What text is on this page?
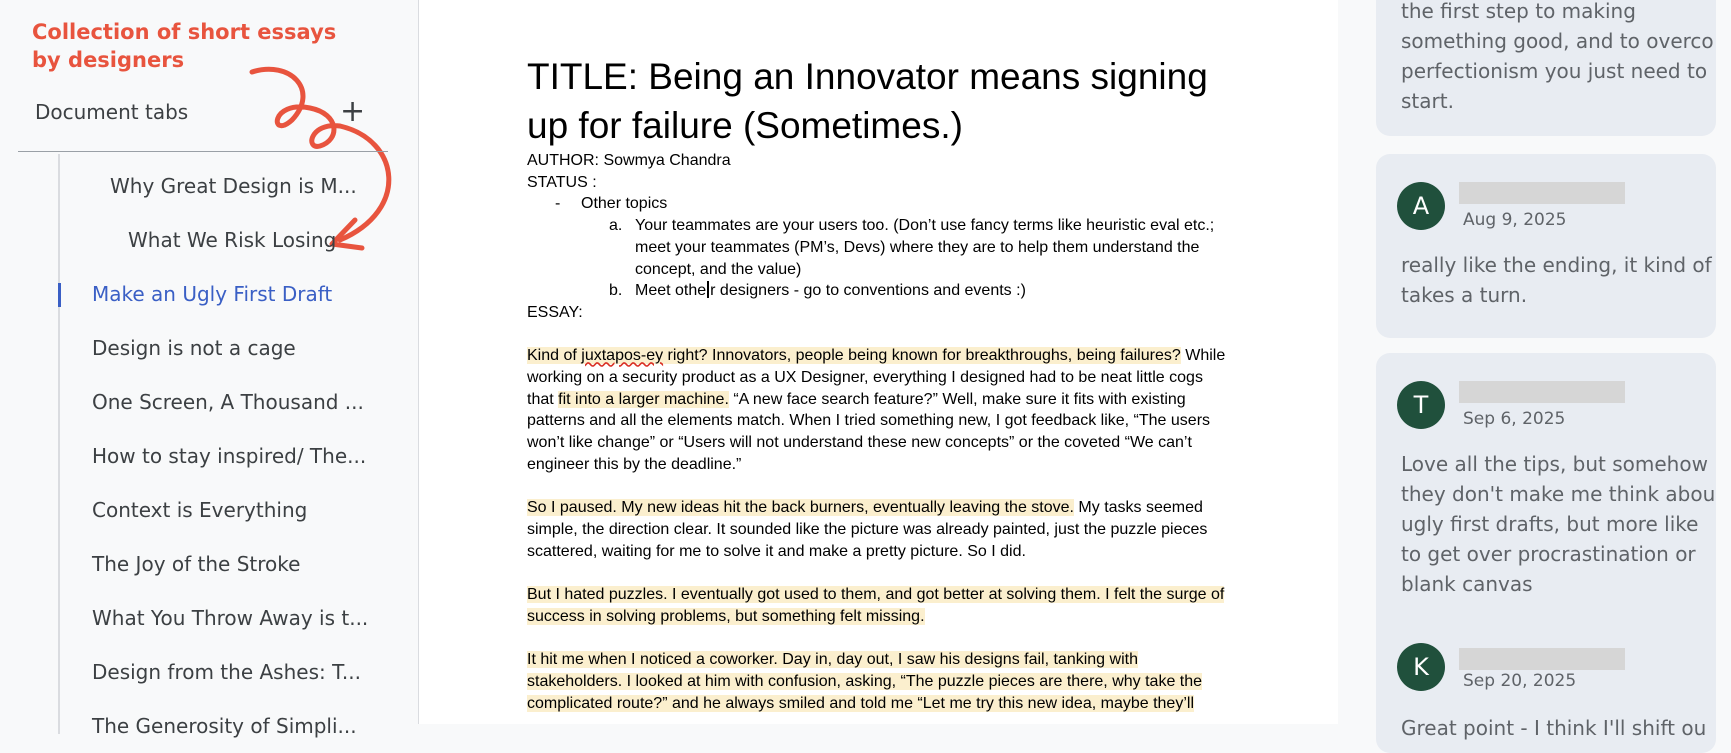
Collection of short essays
by designers
Document tabs	+
Why Great Design is M...
What We Risk Losing
Make an Ugly First Draft
Design is not a cage
One Screen, A Thousand ...
How to stay inspired/ The...
Context is Everything
The Joy of the Stroke
What You Throw Away is t...
Design from the Ashes: T...
The Generosity of Simpli...
TITLE: Being an Innovator means signing up for failure (Sometimes.)

AUTHOR: Sowmya Chandra

STATUS :

- Other topics

a. Your teammates are your users too. (Don’t use fancy terms like heuristic eval etc.; meet your teammates (PM’s, Devs) where they are to help them understand the concept, and the value)

b. Meet othe r designers - go to conventions and events :)

ESSAY:

Kind of juxtapos-ey right? Innovators, people being known for breakthroughs, being failures? While working on a security product as a UX Designer, everything I designed had to be neat little cogs that fit into a larger machine. “A new face search feature?” Well, make sure it fits with existing patterns and all the elements match. When I tried something new, I got feedback like, “The users won’t like change” or “Users will not understand these new concepts” or the coveted “We can’t engineer this by the deadline.”

So I paused. My new ideas hit the back burners, eventually leaving the stove. My tasks seemed simple, the direction clear. It sounded like the picture was already painted, just the puzzle pieces scattered, waiting for me to solve it and make a pretty picture. So I did.

But I hated puzzles. I eventually got used to them, and got better at solving them. I felt the surge of success in solving problems, but something felt missing.

It hit me when I noticed a coworker. Day in, day out, I saw his designs fail, tanking with stakeholders. I looked at him with confusion, asking, “The puzzle pieces are there, why take the complicated route?” and he always smiled and told me “Let me try this new idea, maybe they’ll

the first step to making
something good, and to overco
perfectionism you just need to
start.
A	Aug 9, 2025
really like the ending, it kind of
takes a turn.
T	Sep 6, 2025
Love all the tips, but somehow
they don't make me think abou
ugly first drafts, but more like
to get over procrastination or
blank canvas
K	Sep 20, 2025
Great point - I think I'll shift ou
